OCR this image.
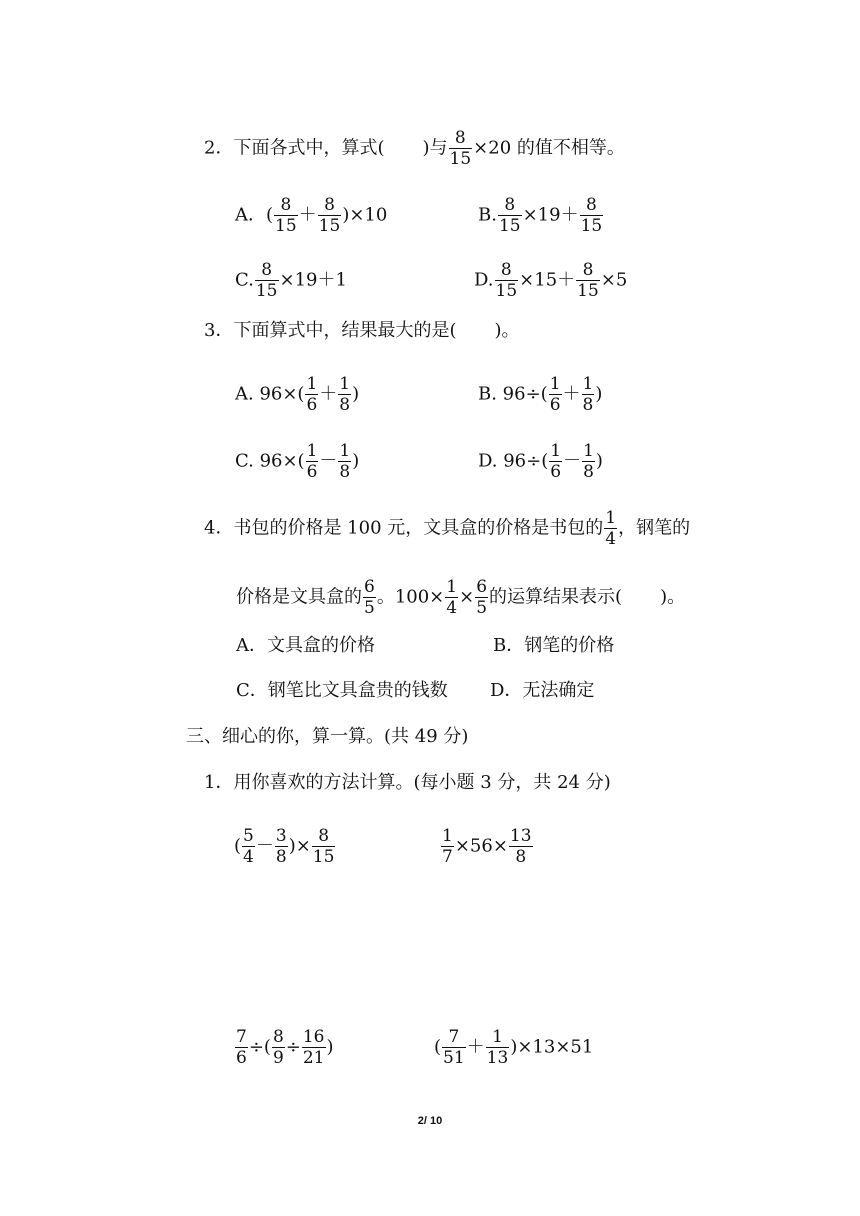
2．下面各式中，算式( )与 $\frac{8}{15} \times 20$ 的值不相等。
A．( $\frac{8}{15} + \frac{8}{15} )\times 10$	B. $\frac{8}{15} \times 19+ \frac{8}{15}$
C. $\frac{8}{15} \times 19+1$	D. $\frac{8}{15} \times 15+ \frac{8}{15} \times 5$
3．下面算式中，结果最大的是( )。
A. $96\times( \frac{1}{6} + \frac{1}{8}$ )	B. $96\div( \frac{1}{6} + \frac{1}{8}$ )
C. $96\times( \frac{1}{6} - \frac{1}{8}$ )	D. $96\div( \frac{1}{6} - \frac{1}{8}$ )
4．书包的价格是 100 元，文具盒的价格是书包的 $\frac{1}{4}$ ，钢笔的
价格是文具盒的 $\frac{6}{5}$ 。$100\times \frac{1}{4} \times \frac{6}{5}$ 的运算结果表示( )。
A．文具盒的价格	B．钢笔的价格
C．钢笔比文具盒贵的钱数 D．无法确定
三、细心的你，算一算。(共 49 分)
1．用你喜欢的方法计算。(每小题 3 分，共 24 分)
( $\frac{5}{4} - \frac{3}{8}$ )× $\frac{8}{15}$	$\frac{1}{7} \times 56\times \frac{13}{8}$
$\frac{7}{6}$ ÷( $\frac{8}{9} \div \frac{16}{21}$ )	( $\frac{7}{51} + \frac{1}{13} )\times 13\times 51$
2/ 10
